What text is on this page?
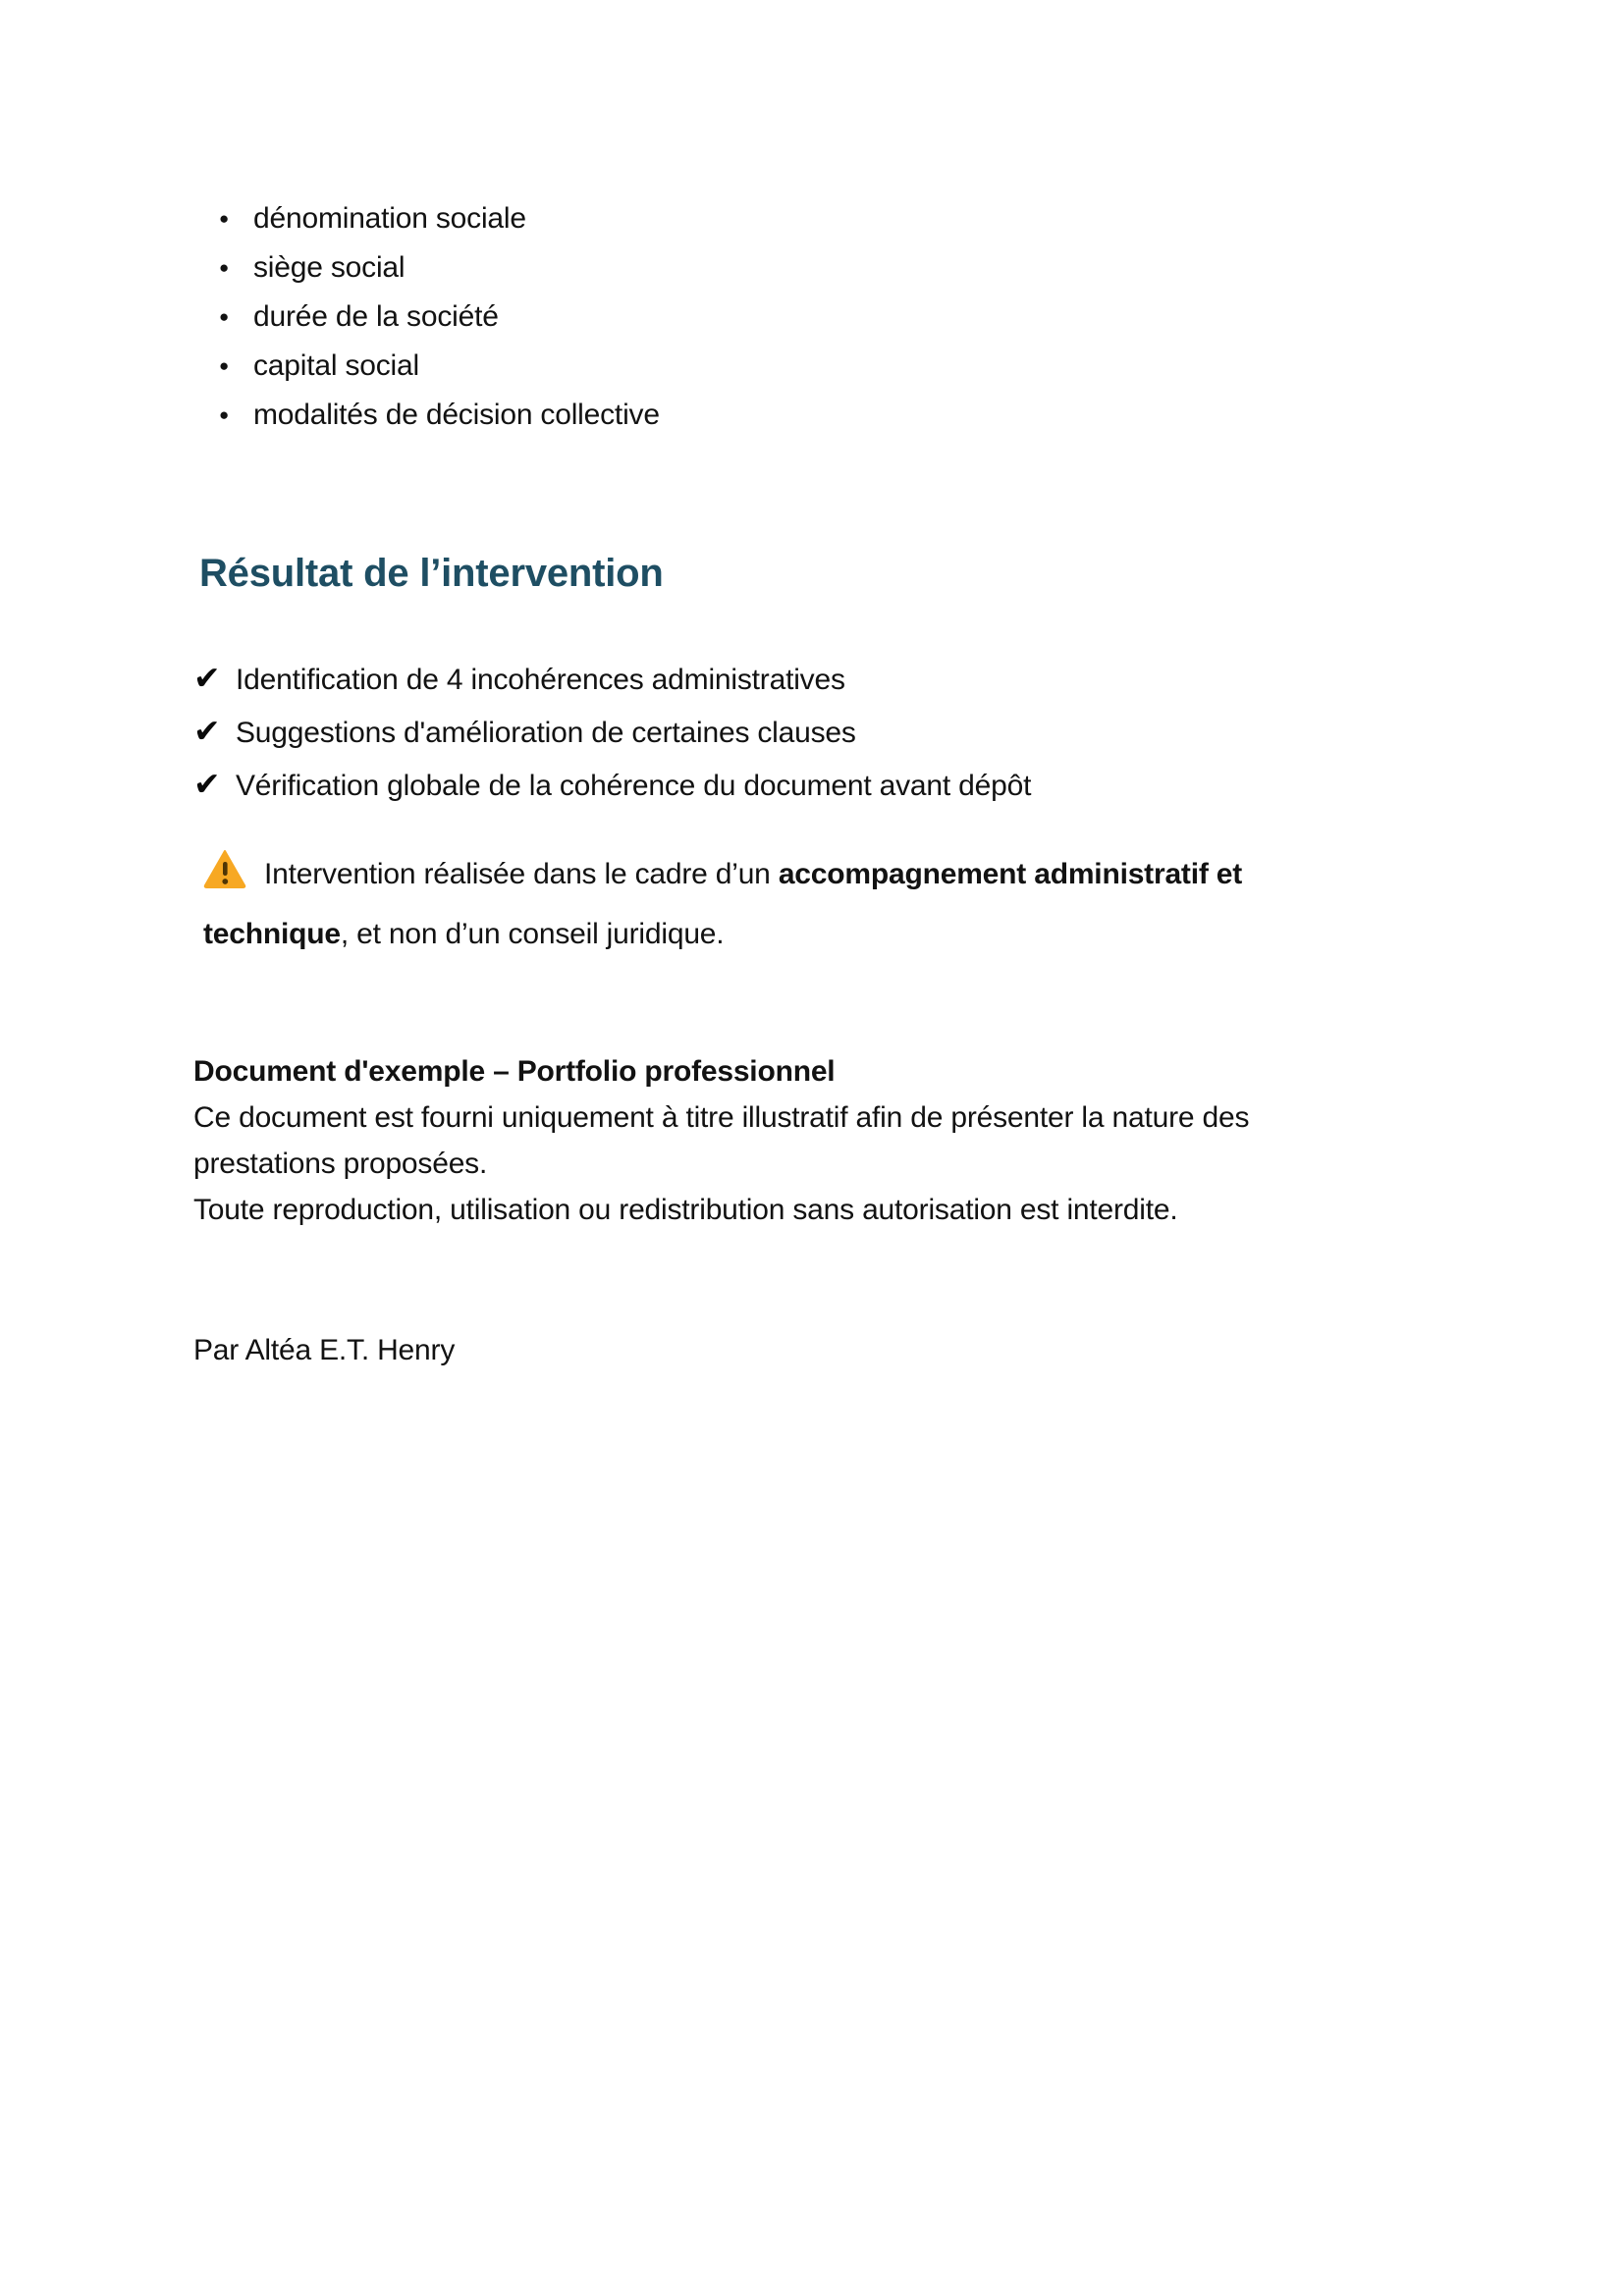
● dénomination sociale
● siège social
● durée de la société
● capital social
● modalités de décision collective
Résultat de l’intervention
✔ Identification de 4 incohérences administratives
✔ Suggestions d'amélioration de certaines clauses
✔ Vérification globale de la cohérence du document avant dépôt

Intervention réalisée dans le cadre d’un accompagnement administratif et
technique, et non d’un conseil juridique.

Document d'exemple – Portfolio professionnel
Ce document est fourni uniquement à titre illustratif afin de présenter la nature des
prestations proposées.
Toute reproduction, utilisation ou redistribution sans autorisation est interdite.
Par Altéa E.T. Henry
